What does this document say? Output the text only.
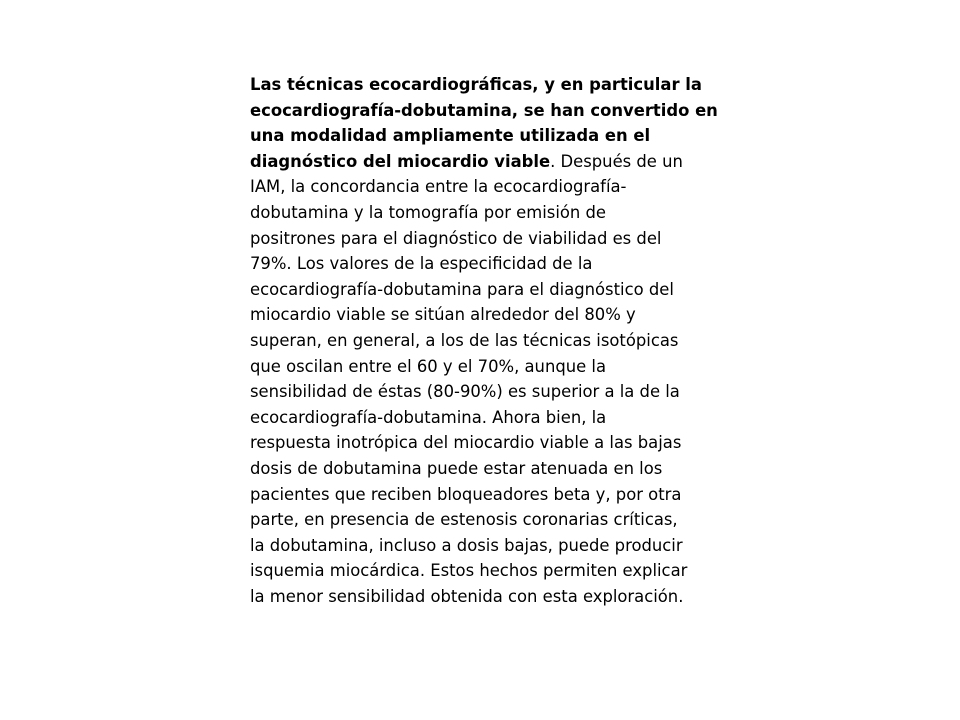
Las técnicas ecocardiográficas, y en particular la
ecocardiografía-dobutamina, se han convertido en
una modalidad ampliamente utilizada en el
diagnóstico del miocardio viable. Después de un
IAM, la concordancia entre la ecocardiografía-
dobutamina y la tomografía por emisión de
positrones para el diagnóstico de viabilidad es del
79%. Los valores de la especificidad de la
ecocardiografía-dobutamina para el diagnóstico del
miocardio viable se sitúan alrededor del 80% y
superan, en general, a los de las técnicas isotópicas
que oscilan entre el 60 y el 70%, aunque la
sensibilidad de éstas (80-90%) es superior a la de la
ecocardiografía-dobutamina. Ahora bien, la
respuesta inotrópica del miocardio viable a las bajas
dosis de dobutamina puede estar atenuada en los
pacientes que reciben bloqueadores beta y, por otra
parte, en presencia de estenosis coronarias críticas,
la dobutamina, incluso a dosis bajas, puede producir
isquemia miocárdica. Estos hechos permiten explicar
la menor sensibilidad obtenida con esta exploración.
